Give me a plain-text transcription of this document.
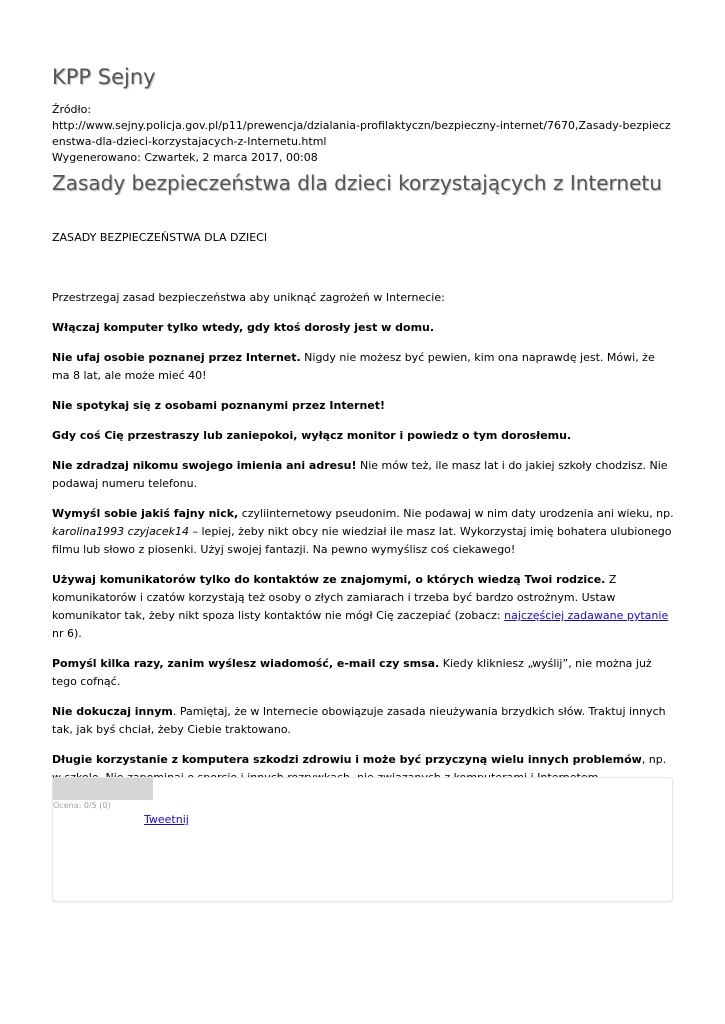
KPP Sejny
Źródło:
http://www.sejny.policja.gov.pl/p11/prewencja/dzialania-profilaktyczn/bezpieczny-internet/7670,Zasady-bezpieczenstwa-dla-dzieci-korzystajacych-z-Internetu.html
Wygenerowano: Czwartek, 2 marca 2017, 00:08
Zasady bezpieczeństwa dla dzieci korzystających z Internetu

ZASADY BEZPIECZEŃSTWA DLA DZIECI

Przestrzegaj zasad bezpieczeństwa aby uniknąć zagrożeń w Internecie:

Włączaj komputer tylko wtedy, gdy ktoś dorosły jest w domu.

Nie ufaj osobie poznanej przez Internet. Nigdy nie możesz być pewien, kim ona naprawdę jest. Mówi, że ma 8 lat, ale może mieć 40!

Nie spotykaj się z osobami poznanymi przez Internet!

Gdy coś Cię przestraszy lub zaniepokoi, wyłącz monitor i powiedz o tym dorosłemu.

Nie zdradzaj nikomu swojego imienia ani adresu! Nie mów też, ile masz lat i do jakiej szkoły chodzisz. Nie podawaj numeru telefonu.

Wymyśl sobie jakiś fajny nick, czyliinternetowy pseudonim. Nie podawaj w nim daty urodzenia ani wieku, np. karolina1993 czyjacek14 – lepiej, żeby nikt obcy nie wiedział ile masz lat. Wykorzystaj imię bohatera ulubionego filmu lub słowo z piosenki. Użyj swojej fantazji. Na pewno wymyślisz coś ciekawego!

Używaj komunikatorów tylko do kontaktów ze znajomymi, o których wiedzą Twoi rodzice. Z komunikatorów i czatów korzystają też osoby o złych zamiarach i trzeba być bardzo ostrożnym. Ustaw komunikator tak, żeby nikt spoza listy kontaktów nie mógł Cię zaczepiać (zobacz: najczęściej zadawane pytanie nr 6).

Pomyśl kilka razy, zanim wyślesz wiadomość, e-mail czy smsa. Kiedy klikniesz „wyślij”, nie można już tego cofnąć.

Nie dokuczaj innym. Pamiętaj, że w Internecie obowiązuje zasada nieużywania brzydkich słów. Traktuj innych tak, jak byś chciał, żeby Ciebie traktowano.

Długie korzystanie z komputera szkodzi zdrowiu i może być przyczyną wielu innych problemów, np.

Ocena: 0/5 (0)
Tweetnij
